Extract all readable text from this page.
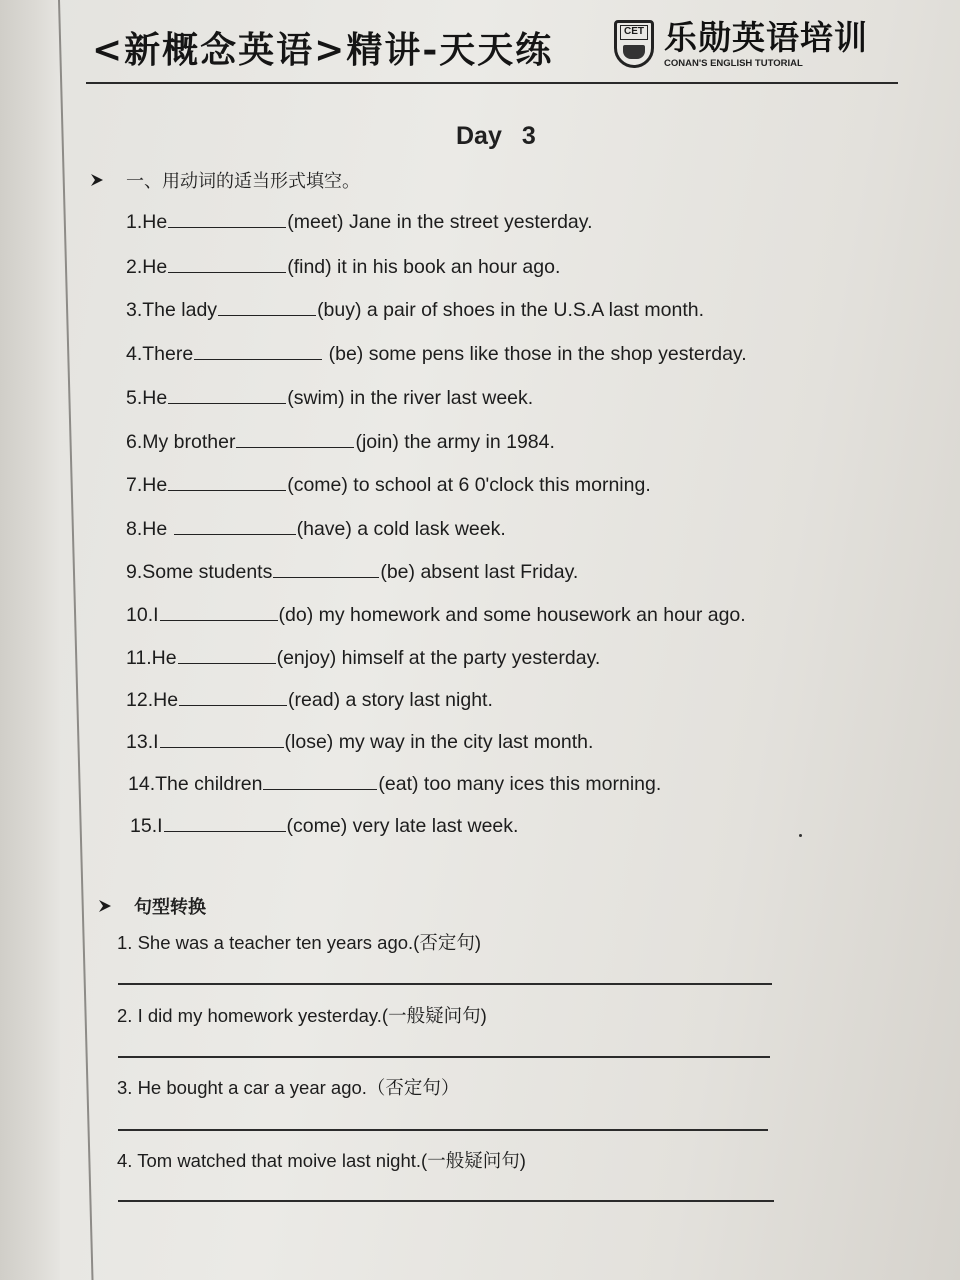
<新概念英语>精讲-天天练	CET 乐勋英语培训
CONAN'S ENGLISH TUTORIAL
Day 3
一、用动词的适当形式填空。
1.He	(meet) Jane in the street yesterday.
2.He	(find) it in his book an hour ago.
3.The lady	(buy) a pair of shoes in the U.S.A last month.
4.There	(be) some pens like those in the shop yesterday.
5.He	(swim) in the river last week.
6.My brother	(join) the army in 1984.
7.He	(come) to school at 6 0'clock this morning.
8.He	(have) a cold lask week.
9.Some students	(be) absent last Friday.
10.I	(do) my homework and some housework an hour ago.
11.He	(enjoy) himself at the party yesterday.
12.He	(read) a story last night.
13.I	(lose) my way in the city last month.
14.The children	(eat) too many ices this morning.
15.I	(come) very late last week.
句型转换
1. She was a teacher ten years ago.(否定句)
2. I did my homework yesterday.(一般疑问句)
3. He bought a car a year ago.（否定句）
4. Tom watched that moive last night.(一般疑问句)
